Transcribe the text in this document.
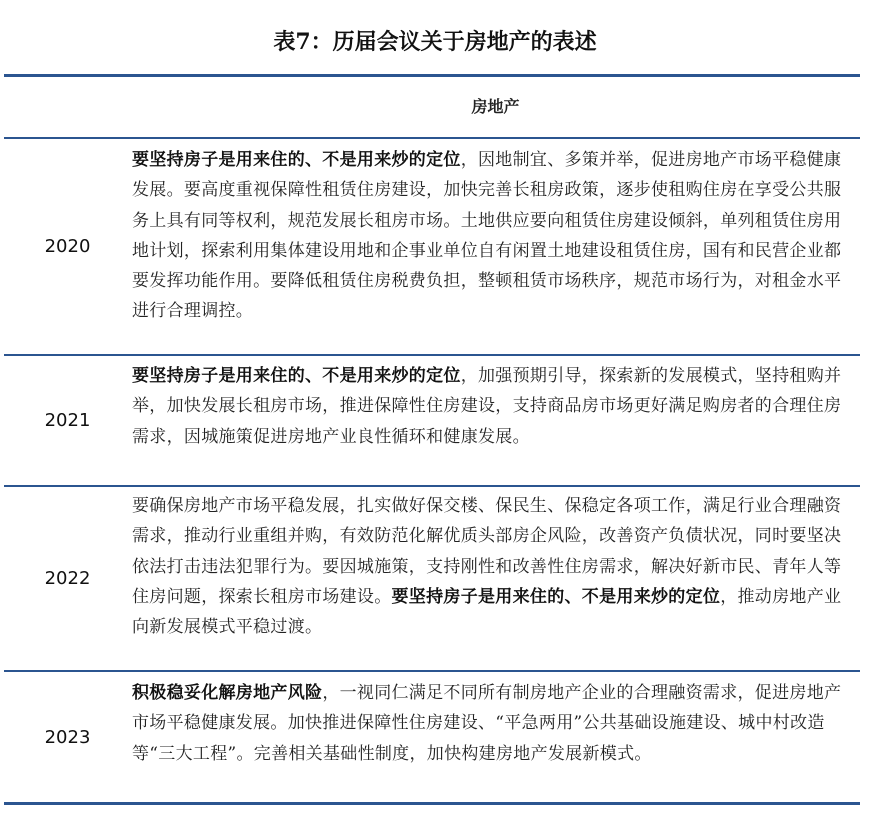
表7：历届会议关于房地产的表述
房地产
2020
要坚持房子是用来住的、不是用来炒的定位，因地制宜、多策并举，促进房地产市场平稳健康发展。要高度重视保障性租赁住房建设，加快完善长租房政策，逐步使租购住房在享受公共服务上具有同等权利，规范发展长租房市场。土地供应要向租赁住房建设倾斜，单列租赁住房用地计划，探索利用集体建设用地和企事业单位自有闲置土地建设租赁住房，国有和民营企业都要发挥功能作用。要降低租赁住房税费负担，整顿租赁市场秩序，规范市场行为，对租金水平进行合理调控。
2021
要坚持房子是用来住的、不是用来炒的定位，加强预期引导，探索新的发展模式，坚持租购并举，加快发展长租房市场，推进保障性住房建设，支持商品房市场更好满足购房者的合理住房需求，因城施策促进房地产业良性循环和健康发展。
2022
要确保房地产市场平稳发展，扎实做好保交楼、保民生、保稳定各项工作，满足行业合理融资需求，推动行业重组并购，有效防范化解优质头部房企风险，改善资产负债状况，同时要坚决依法打击违法犯罪行为。要因城施策，支持刚性和改善性住房需求，解决好新市民、青年人等住房问题，探索长租房市场建设。要坚持房子是用来住的、不是用来炒的定位，推动房地产业向新发展模式平稳过渡。
2023
积极稳妥化解房地产风险，一视同仁满足不同所有制房地产企业的合理融资需求，促进房地产市场平稳健康发展。加快推进保障性住房建设、“平急两用”公共基础设施建设、城中村改造等“三大工程”。完善相关基础性制度，加快构建房地产发展新模式。
